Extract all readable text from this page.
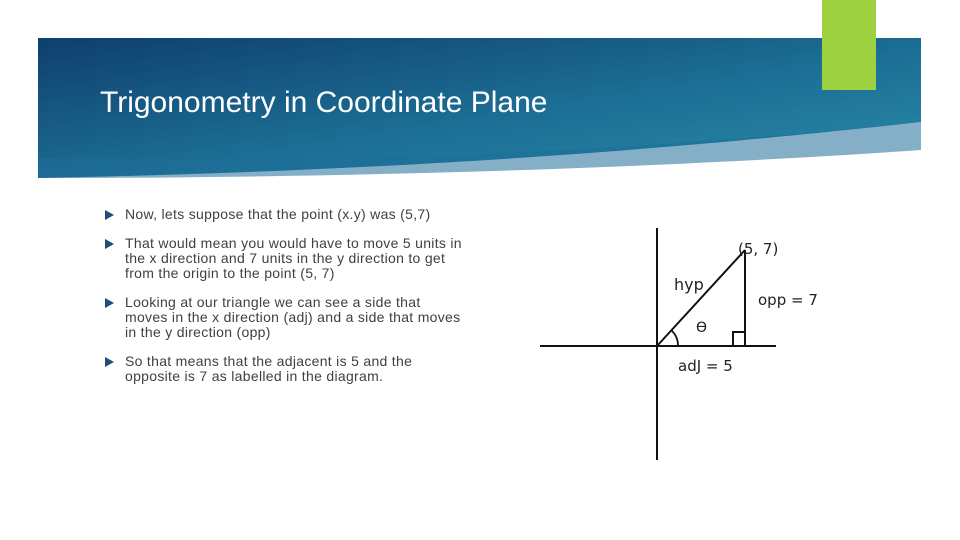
Trigonometry in Coordinate Plane
Now, lets suppose that the point (x.y) was (5,7)
That would mean you would have to move 5 units in the x direction and 7 units in the y direction to get from the origin to the point (5, 7)
Looking at our triangle we can see a side that moves in the x direction (adj) and a side that moves in the y direction (opp)
So that means that the adjacent is 5 and the opposite is 7 as labelled in the diagram.
(5, 7)
hyp
opp = 7
ϴ
adJ = 5
